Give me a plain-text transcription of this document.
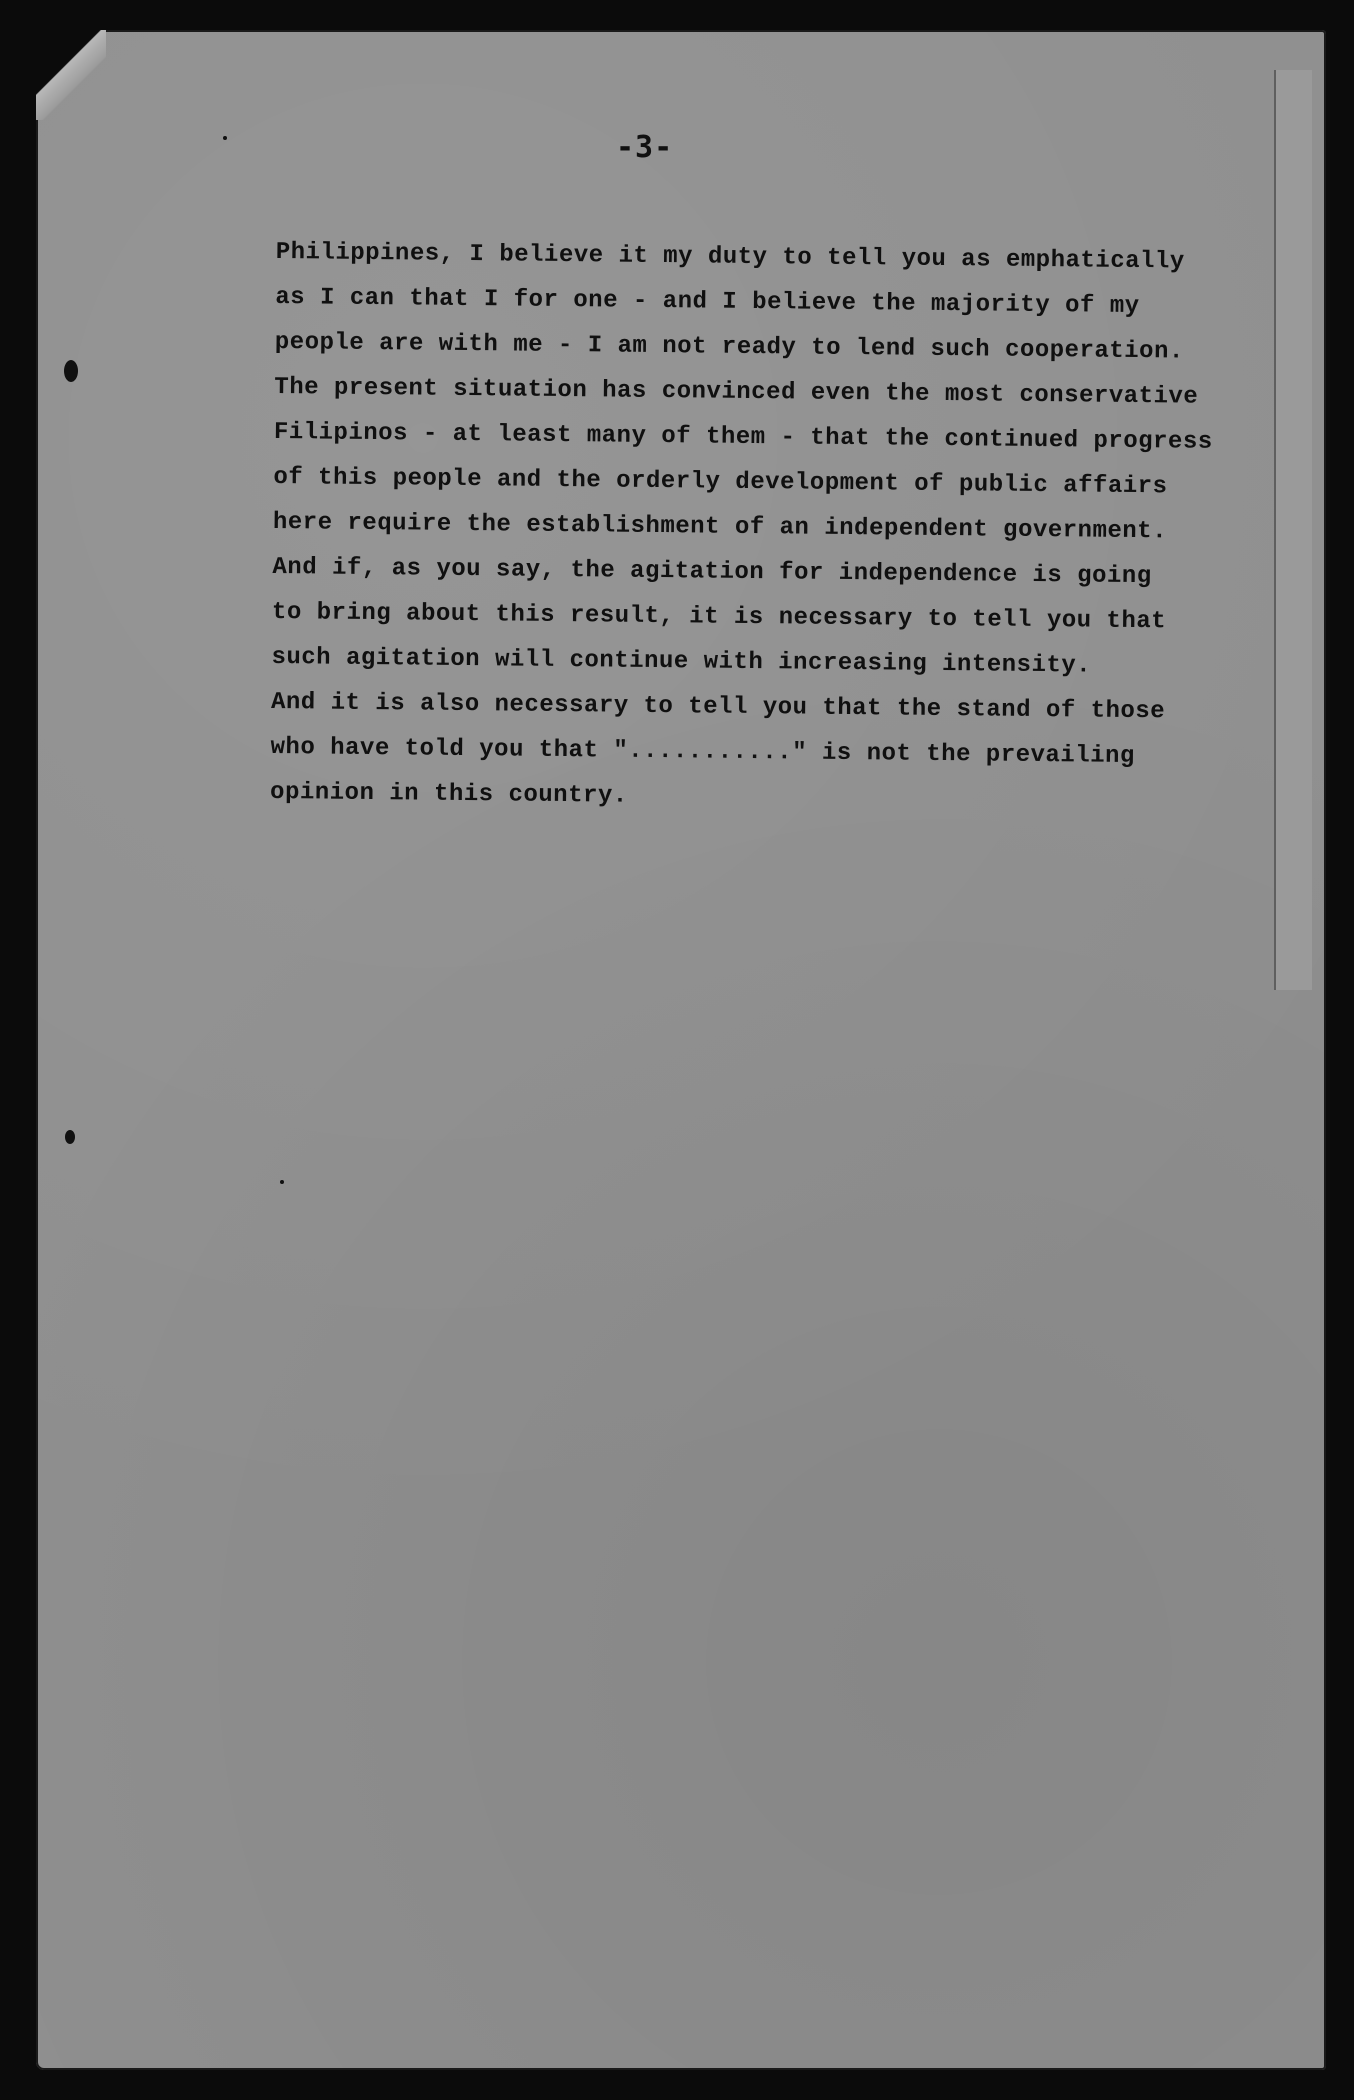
-3-
Philippines, I believe it my duty to tell you as emphatically
as I can that I for one - and I believe the majority of my
people are with me - I am not ready to lend such cooperation.
The present situation has convinced even the most conservative
Filipinos - at least many of them - that the continued progress
of this people and the orderly development of public affairs
here require the establishment of an independent government.
And if, as you say, the agitation for independence is going
to bring about this result, it is necessary to tell you that
such agitation will continue with increasing intensity.
And it is also necessary to tell you that the stand of those
who have told you that "..........." is not the prevailing
opinion in this country.
